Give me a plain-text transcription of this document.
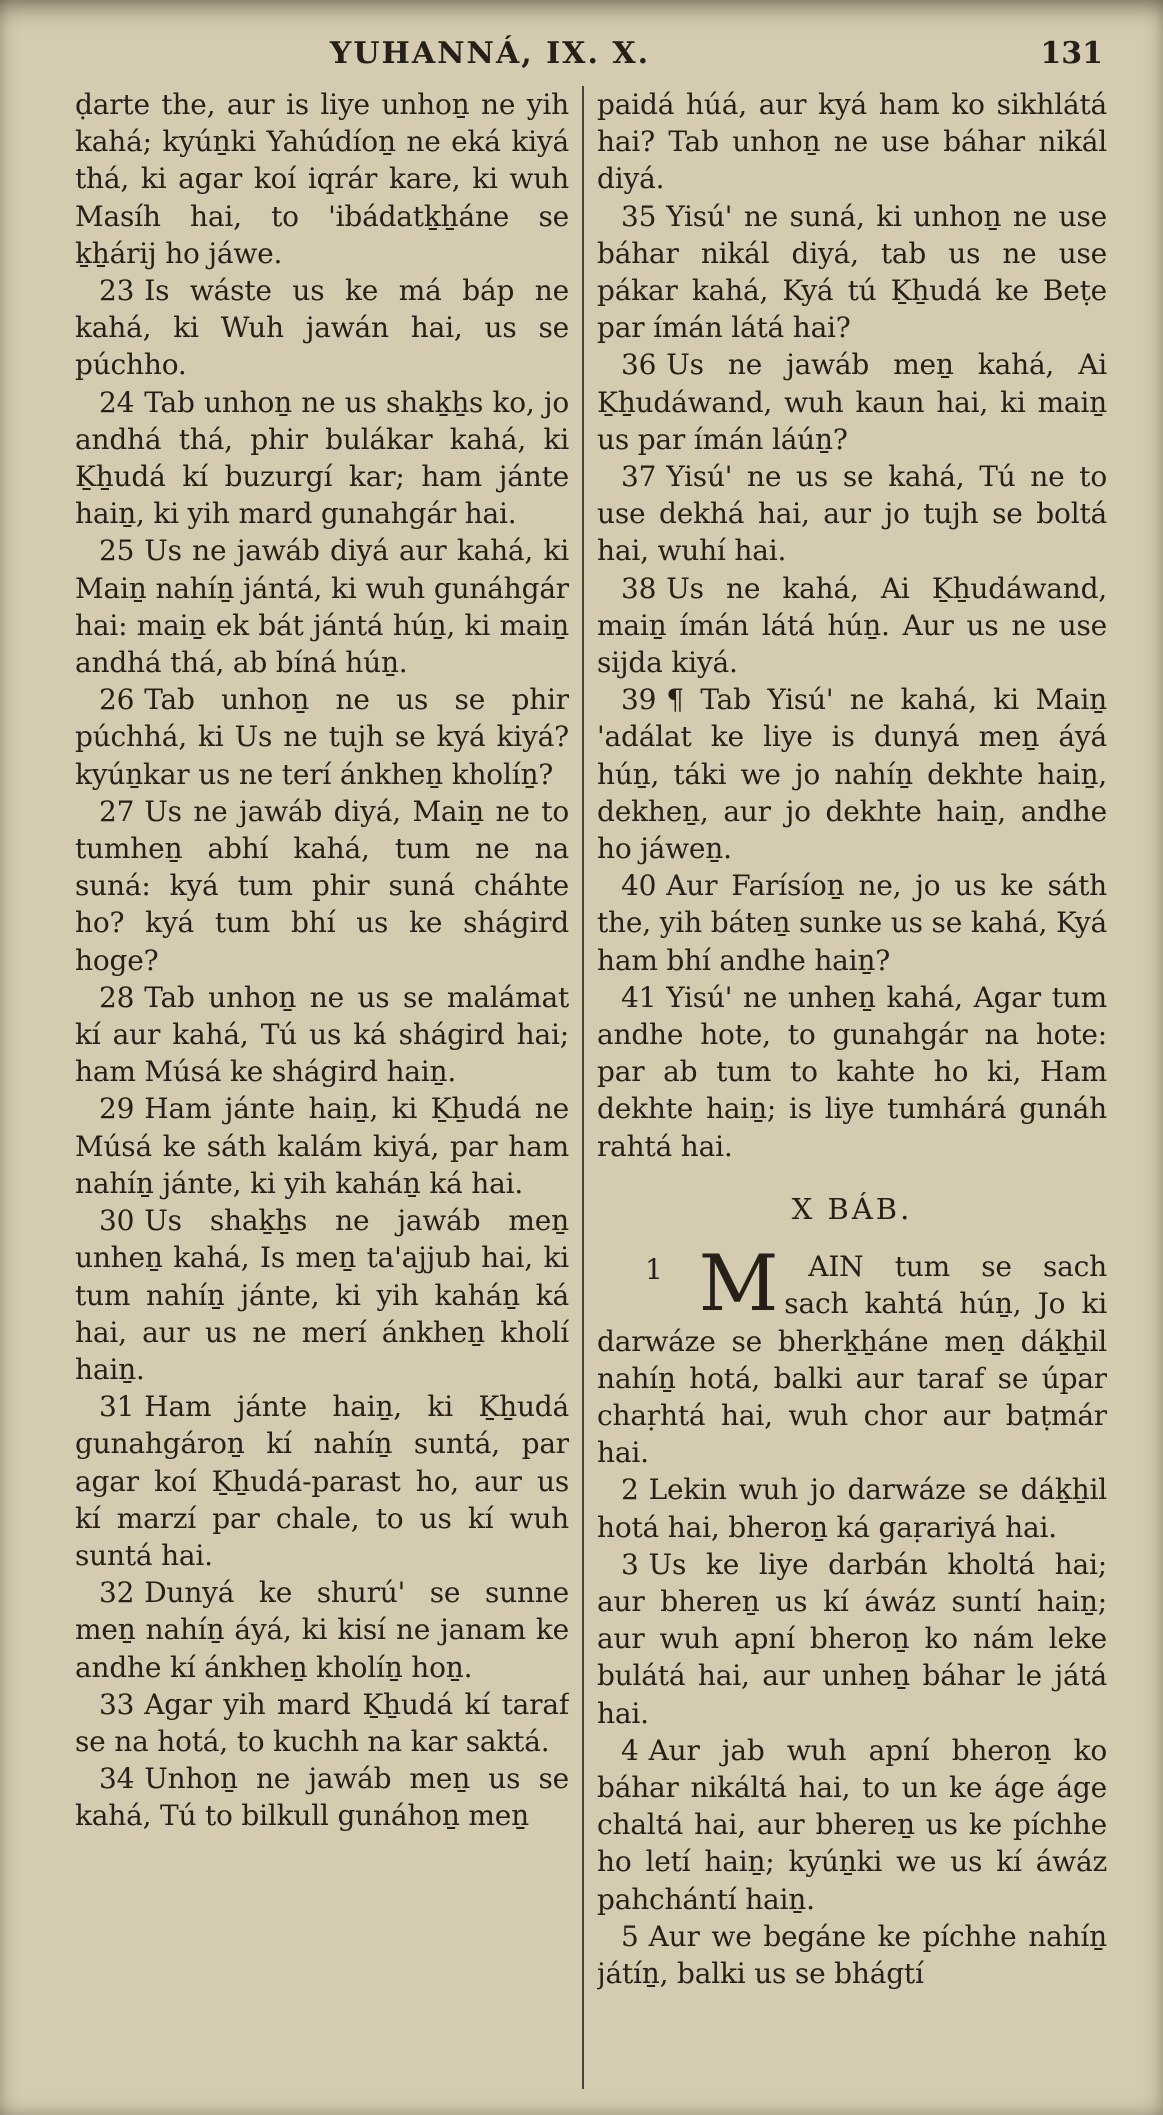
YUHANNÁ, IX. X.	131

ḍarte the, aur is liye unhoṉ ne yih kahá; kyúṉki Yahúdíoṉ ne eká kiyá thá, ki agar koí iqrár kare, ki wuh Masíh hai, to 'ibádatḵẖáne se ḵẖárij ho jáwe.

23 Is wáste us ke má báp ne kahá, ki Wuh jawán hai, us se púchho.

24 Tab unhoṉ ne us shaḵẖs ko, jo andhá thá, phir bulákar kahá, ki Ḵẖudá kí buzurgí kar; ham jánte haiṉ, ki yih mard gunahgár hai.

25 Us ne jawáb diyá aur kahá, ki Maiṉ nahíṉ jántá, ki wuh gunáhgár hai: maiṉ ek bát jántá húṉ, ki maiṉ andhá thá, ab bíná húṉ.

26 Tab unhoṉ ne us se phir púchhá, ki Us ne tujh se kyá kiyá? kyúṉkar us ne terí ánkheṉ kholíṉ?

27 Us ne jawáb diyá, Maiṉ ne to tumheṉ abhí kahá, tum ne na suná: kyá tum phir suná cháhte ho? kyá tum bhí us ke shágird hoge?

28 Tab unhoṉ ne us se malámat kí aur kahá, Tú us ká shágird hai; ham Músá ke shágird haiṉ.

29 Ham jánte haiṉ, ki Ḵẖudá ne Músá ke sáth kalám kiyá, par ham nahíṉ jánte, ki yih kaháṉ ká hai.

30 Us shaḵẖs ne jawáb meṉ unheṉ kahá, Is meṉ ta'ajjub hai, ki tum nahíṉ jánte, ki yih kaháṉ ká hai, aur us ne merí ánkheṉ kholí haiṉ.

31 Ham jánte haiṉ, ki Ḵẖudá gunahgároṉ kí nahíṉ suntá, par agar koí Ḵẖudá-parast ho, aur us kí marzí par chale, to us kí wuh suntá hai.

32 Dunyá ke shurú' se sunne meṉ nahíṉ áyá, ki kisí ne janam ke andhe kí ánkheṉ kholíṉ hoṉ.

33 Agar yih mard Ḵẖudá kí taraf se na hotá, to kuchh na kar saktá.

34 Unhoṉ ne jawáb meṉ us se kahá, Tú to bilkull gunáhoṉ meṉ

paidá húá, aur kyá ham ko sikhlátá hai? Tab unhoṉ ne use báhar nikál diyá.

35 Yisú' ne suná, ki unhoṉ ne use báhar nikál diyá, tab us ne use pákar kahá, Kyá tú Ḵẖudá ke Beṭe par ímán látá hai?

36 Us ne jawáb meṉ kahá, Ai Ḵẖudáwand, wuh kaun hai, ki maiṉ us par ímán láúṉ?

37 Yisú' ne us se kahá, Tú ne to use dekhá hai, aur jo tujh se boltá hai, wuhí hai.

38 Us ne kahá, Ai Ḵẖudáwand, maiṉ ímán látá húṉ. Aur us ne use sijda kiyá.

39 ¶ Tab Yisú' ne kahá, ki Maiṉ 'adálat ke liye is dunyá meṉ áyá húṉ, táki we jo nahíṉ dekhte haiṉ, dekheṉ, aur jo dekhte haiṉ, andhe ho jáweṉ.

40 Aur Farísíoṉ ne, jo us ke sáth the, yih báteṉ sunke us se kahá, Kyá ham bhí andhe haiṉ?

41 Yisú' ne unheṉ kahá, Agar tum andhe hote, to gunahgár na hote: par ab tum to kahte ho ki, Ham dekhte haiṉ; is liye tumhárá gunáh rahtá hai.

X BÁB.

1 M AIN tum se sach sach kahtá húṉ, Jo ki darwáze se bherḵẖáne meṉ dáḵẖil nahíṉ hotá, balki aur taraf se úpar chaṛhtá hai, wuh chor aur baṭmár hai.

2 Lekin wuh jo darwáze se dáḵẖil hotá hai, bheroṉ ká gaṛariyá hai.

3 Us ke liye darbán kholtá hai; aur bhereṉ us kí áwáz suntí haiṉ; aur wuh apní bheroṉ ko nám leke bulátá hai, aur unheṉ báhar le játá hai.

4 Aur jab wuh apní bheroṉ ko báhar nikáltá hai, to un ke áge áge chaltá hai, aur bhereṉ us ke píchhe ho letí haiṉ; kyúṉki we us kí áwáz pahchántí haiṉ.

5 Aur we begáne ke píchhe nahíṉ játíṉ, balki us se bhágtí
